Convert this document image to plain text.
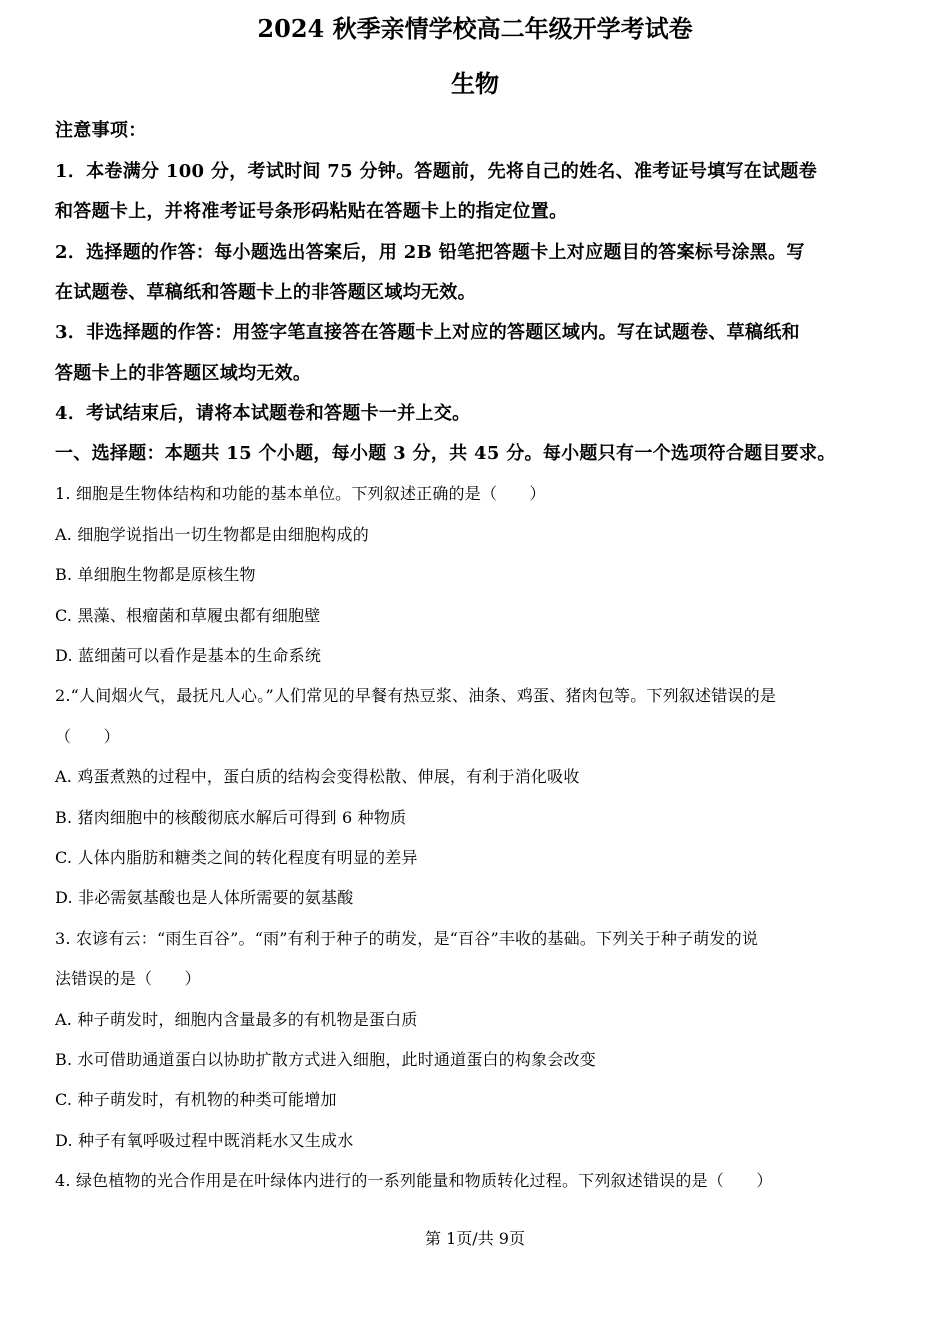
2024 秋季亲情学校高二年级开学考试卷
生物
注意事项：
1．本卷满分 100 分，考试时间 75 分钟。答题前，先将自己的姓名、准考证号填写在试题卷
和答题卡上，并将准考证号条形码粘贴在答题卡上的指定位置。
2．选择题的作答：每小题选出答案后，用 2B 铅笔把答题卡上对应题目的答案标号涂黑。写
在试题卷、草稿纸和答题卡上的非答题区域均无效。
3．非选择题的作答：用签字笔直接答在答题卡上对应的答题区域内。写在试题卷、草稿纸和
答题卡上的非答题区域均无效。
4．考试结束后，请将本试题卷和答题卡一并上交。
一、选择题：本题共 15 个小题，每小题 3 分，共 45 分。每小题只有一个选项符合题目要求。
1. 细胞是生物体结构和功能的基本单位。下列叙述正确的是（　　）
A. 细胞学说指出一切生物都是由细胞构成的
B. 单细胞生物都是原核生物
C. 黑藻、根瘤菌和草履虫都有细胞壁
D. 蓝细菌可以看作是基本的生命系统
2.“人间烟火气，最抚凡人心。”人们常见的早餐有热豆浆、油条、鸡蛋、猪肉包等。下列叙述错误的是
（　　）
A. 鸡蛋煮熟的过程中，蛋白质的结构会变得松散、伸展，有利于消化吸收
B. 猪肉细胞中的核酸彻底水解后可得到 6 种物质
C. 人体内脂肪和糖类之间的转化程度有明显的差异
D. 非必需氨基酸也是人体所需要的氨基酸
3. 农谚有云：“雨生百谷”。“雨”有利于种子的萌发，是“百谷”丰收的基础。下列关于种子萌发的说
法错误的是（　　）
A. 种子萌发时，细胞内含量最多的有机物是蛋白质
B. 水可借助通道蛋白以协助扩散方式进入细胞，此时通道蛋白的构象会改变
C. 种子萌发时，有机物的种类可能增加
D. 种子有氧呼吸过程中既消耗水又生成水
4. 绿色植物的光合作用是在叶绿体内进行的一系列能量和物质转化过程。下列叙述错误的是（　　）
第 1页/共 9页
